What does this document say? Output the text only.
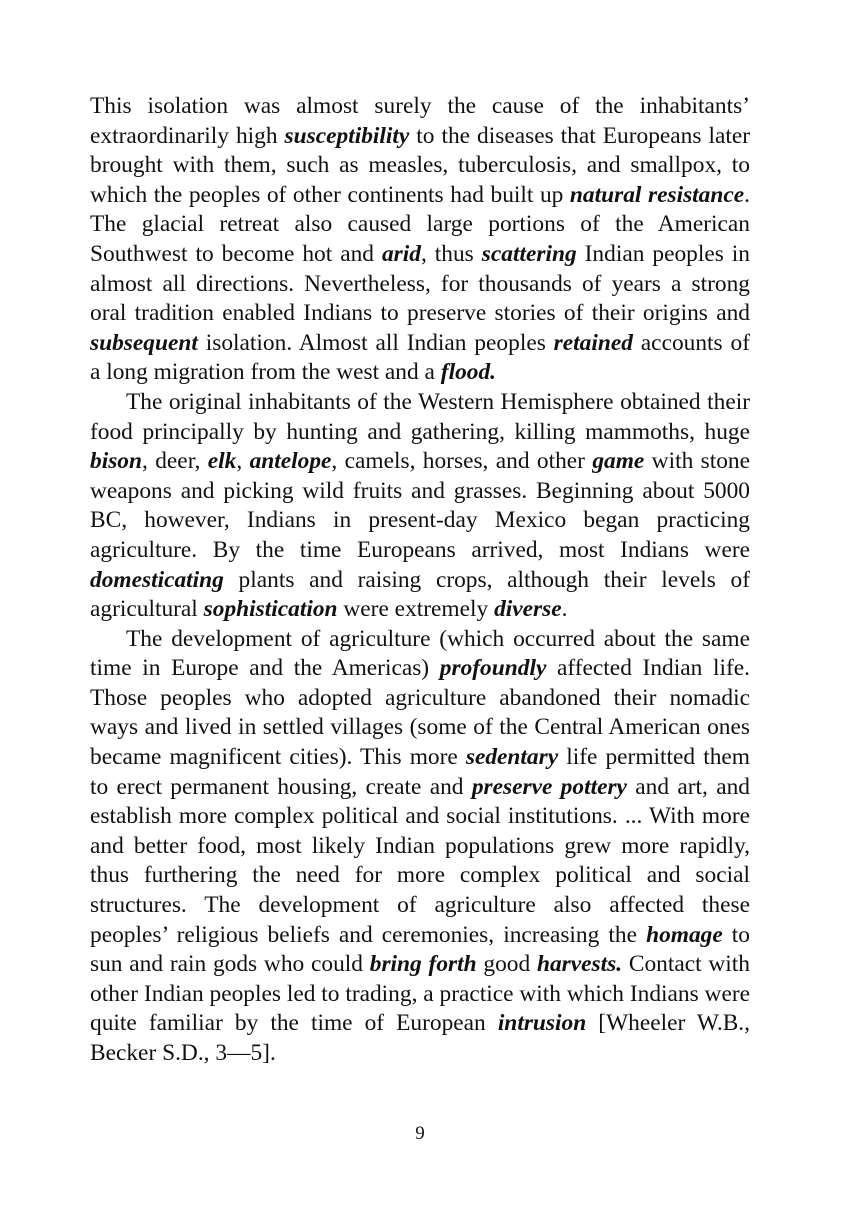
This isolation was almost surely the cause of the inhabitants’ extraordinarily high susceptibility to the diseases that Europeans later brought with them, such as measles, tuberculosis, and smallpox, to which the peoples of other continents had built up natural resistance. The glacial retreat also caused large portions of the American Southwest to become hot and arid, thus scattering Indian peoples in almost all directions. Nevertheless, for thousands of years a strong oral tradition enabled Indians to preserve stories of their origins and subsequent isolation. Almost all Indian peoples retained accounts of a long migration from the west and a flood.

The original inhabitants of the Western Hemisphere obtained their food principally by hunting and gathering, killing mammoths, huge bison, deer, elk, antelope, camels, horses, and other game with stone weapons and picking wild fruits and grasses. Beginning about 5000 BC, however, Indians in present-day Mexico began practicing agriculture. By the time Europeans arrived, most Indians were domesticating plants and raising crops, although their levels of agricultural sophistication were extremely diverse.

The development of agriculture (which occurred about the same time in Europe and the Americas) profoundly affected Indian life. Those peoples who adopted agriculture abandoned their nomadic ways and lived in settled villages (some of the Central American ones became magnificent cities). This more sedentary life permitted them to erect permanent housing, create and preserve pottery and art, and establish more complex political and social institutions. ... With more and better food, most likely Indian populations grew more rapidly, thus furthering the need for more complex political and social structures. The development of agriculture also affected these peoples’ religious beliefs and ceremonies, increasing the homage to sun and rain gods who could bring forth good harvests. Contact with other Indian peoples led to trading, a practice with which Indians were quite familiar by the time of European intrusion [Wheeler W.B., Becker S.D., 3—5].

9
